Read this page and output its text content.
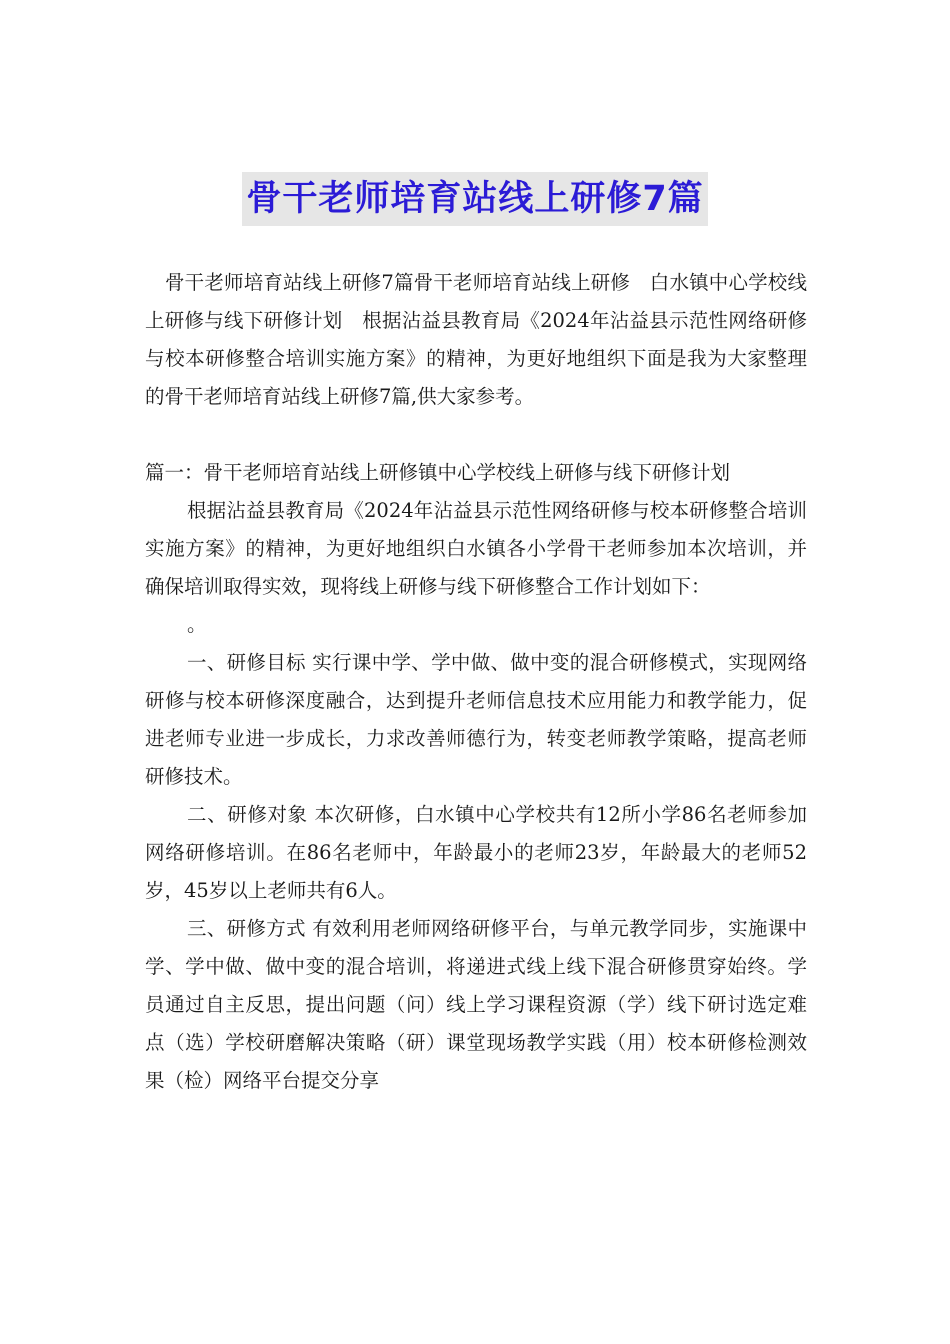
骨干老师培育站线上研修7篇

骨干老师培育站线上研修7篇骨干老师培育站线上研修　白水镇中心学校线上研修与线下研修计划　根据沾益县教育局《2024年沾益县示范性网络研修与校本研修整合培训实施方案》的精神，为更好地组织下面是我为大家整理的骨干老师培育站线上研修7篇,供大家参考。

篇一：骨干老师培育站线上研修镇中心学校线上研修与线下研修计划

根据沾益县教育局《2024年沾益县示范性网络研修与校本研修整合培训实施方案》的精神，为更好地组织白水镇各小学骨干老师参加本次培训，并确保培训取得实效，现将线上研修与线下研修整合工作计划如下：

。

一、研修目标 实行课中学、学中做、做中变的混合研修模式，实现网络研修与校本研修深度融合，达到提升老师信息技术应用能力和教学能力，促进老师专业进一步成长，力求改善师德行为，转变老师教学策略，提高老师研修技术。

二、研修对象 本次研修，白水镇中心学校共有12所小学86名老师参加网络研修培训。在86名老师中，年龄最小的老师23岁，年龄最大的老师52岁，45岁以上老师共有6人。

三、研修方式 有效利用老师网络研修平台，与单元教学同步，实施课中学、学中做、做中变的混合培训，将递进式线上线下混合研修贯穿始终。学员通过自主反思，提出问题（问）线上学习课程资源（学）线下研讨选定难点（选）学校研磨解决策略（研）课堂现场教学实践（用）校本研修检测效果（检）网络平台提交分享
